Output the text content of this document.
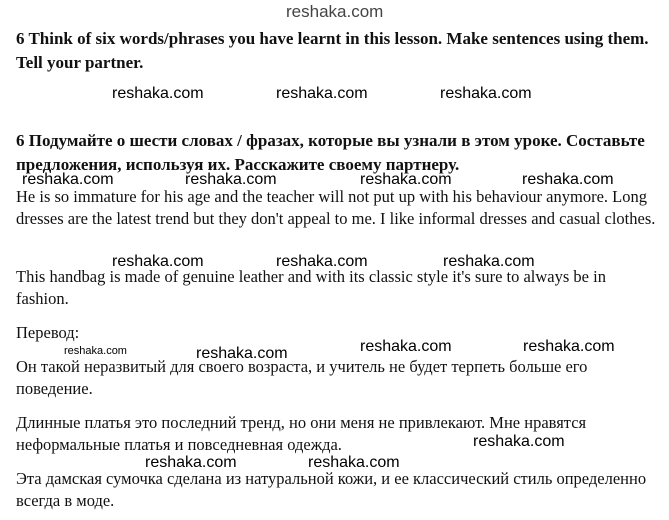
reshaka.com
reshaka.com	reshaka.com	reshaka.com
reshaka.com	reshaka.com	reshaka.com	reshaka.com
reshaka.com	reshaka.com	reshaka.com
reshaka.com	reshaka.com	reshaka.com	reshaka.com
reshaka.com
reshaka.com	reshaka.com

6 Think of six words/phrases you have learnt in this lesson. Make sentences using them. Tell your partner.

6 Подумайте о шести словах / фразах, которые вы узнали в этом уроке. Составьте предложения, используя их. Расскажите своему партнеру.

He is so immature for his age and the teacher will not put up with his behaviour anymore. Long dresses are the latest trend but they don't appeal to me. I like informal dresses and casual clothes.

This handbag is made of genuine leather and with its classic style it's sure to always be in fashion.

Перевод:

Он такой неразвитый для своего возраста, и учитель не будет терпеть больше его поведение.

Длинные платья это последний тренд, но они меня не привлекают. Мне нравятся неформальные платья и повседневная одежда.

Эта дамская сумочка сделана из натуральной кожи, и ее классический стиль определенно всегда в моде.
